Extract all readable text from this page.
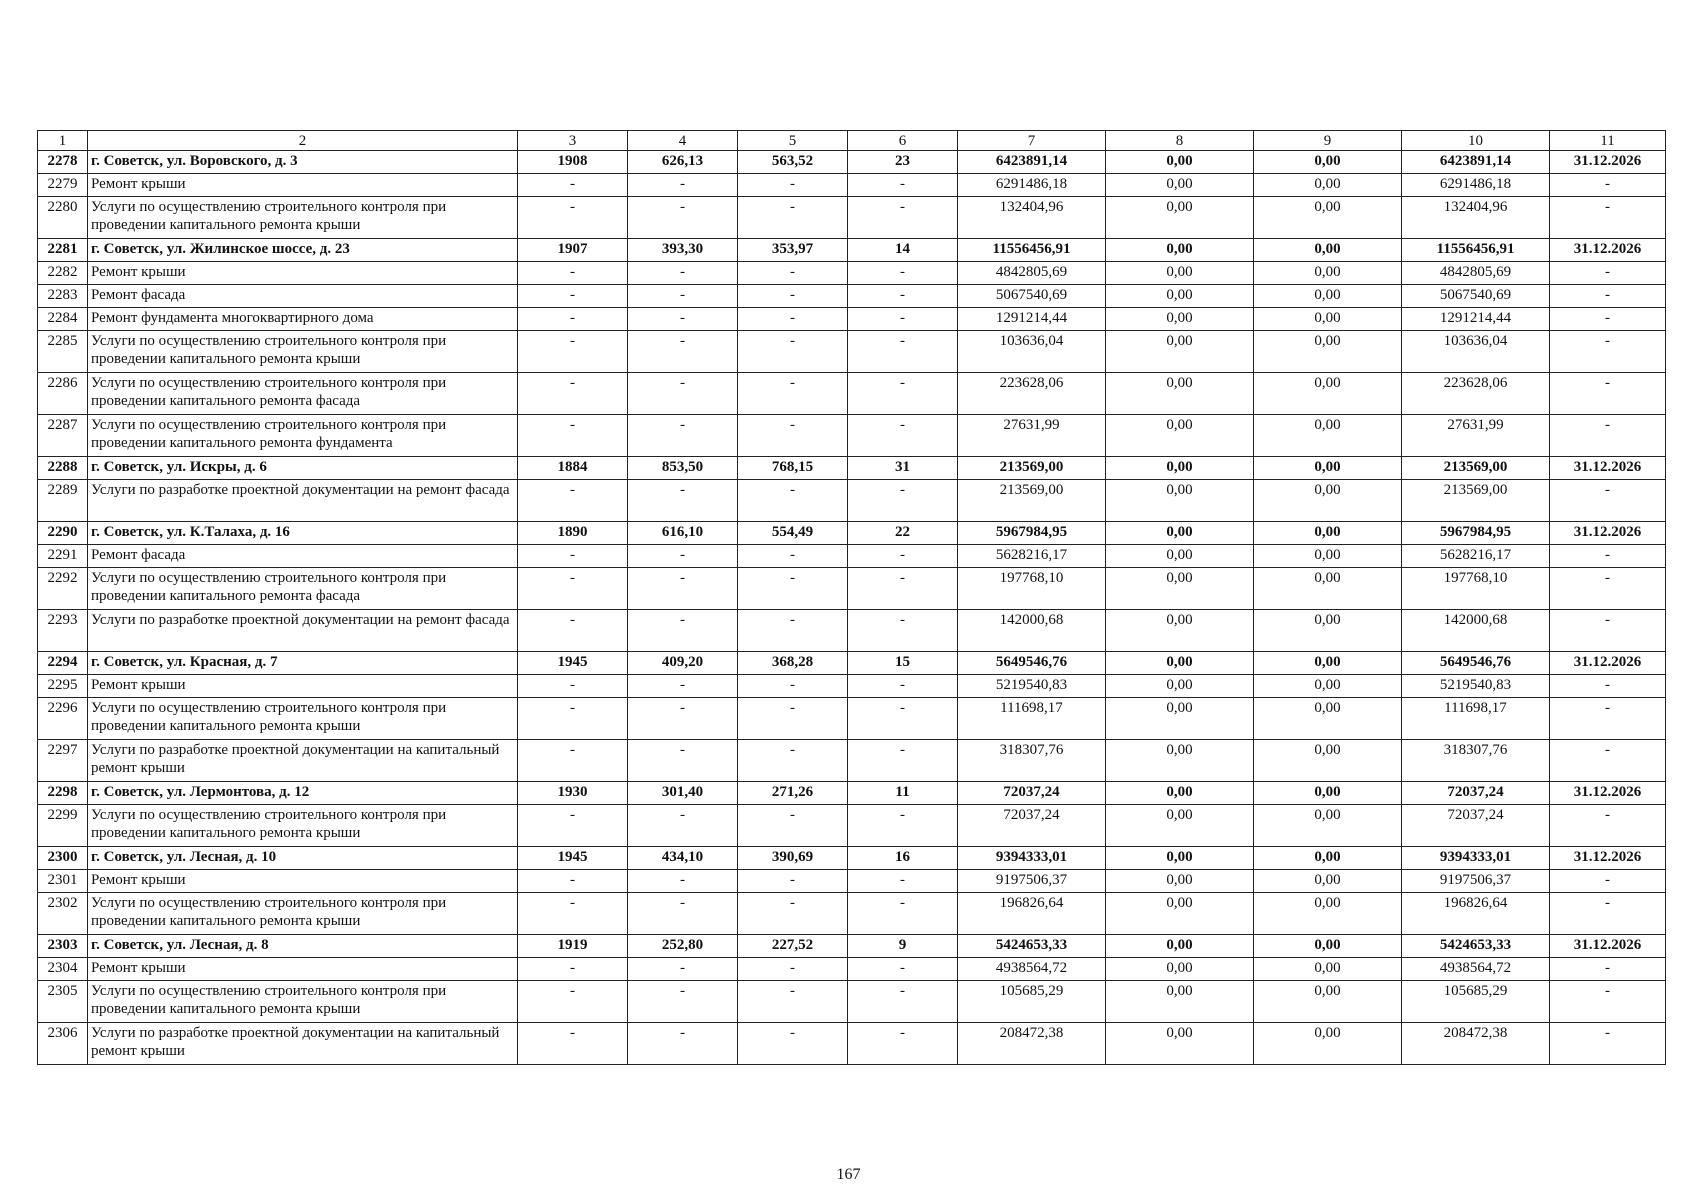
1	2	3	4	5	6	7	8	9	10	11
2278	г. Советск, ул. Воровского, д. 3	1908	626,13	563,52	23	6423891,14	0,00	0,00	6423891,14	31.12.2026
2279	Ремонт крыши	-	-	-	-	6291486,18	0,00	0,00	6291486,18	-
2280	Услуги по осуществлению строительного контроля при проведении капитального ремонта крыши	-	-	-	-	132404,96	0,00	0,00	132404,96	-
2281	г. Советск, ул. Жилинское шоссе, д. 23	1907	393,30	353,97	14	11556456,91	0,00	0,00	11556456,91	31.12.2026
2282	Ремонт крыши	-	-	-	-	4842805,69	0,00	0,00	4842805,69	-
2283	Ремонт фасада	-	-	-	-	5067540,69	0,00	0,00	5067540,69	-
2284	Ремонт фундамента многоквартирного дома	-	-	-	-	1291214,44	0,00	0,00	1291214,44	-
2285	Услуги по осуществлению строительного контроля при проведении капитального ремонта крыши	-	-	-	-	103636,04	0,00	0,00	103636,04	-
2286	Услуги по осуществлению строительного контроля при проведении капитального ремонта фасада	-	-	-	-	223628,06	0,00	0,00	223628,06	-
2287	Услуги по осуществлению строительного контроля при проведении капитального ремонта фундамента	-	-	-	-	27631,99	0,00	0,00	27631,99	-
2288	г. Советск, ул. Искры, д. 6	1884	853,50	768,15	31	213569,00	0,00	0,00	213569,00	31.12.2026
2289	Услуги по разработке проектной документации на ремонт фасада	-	-	-	-	213569,00	0,00	0,00	213569,00	-
2290	г. Советск, ул. К.Талаха, д. 16	1890	616,10	554,49	22	5967984,95	0,00	0,00	5967984,95	31.12.2026
2291	Ремонт фасада	-	-	-	-	5628216,17	0,00	0,00	5628216,17	-
2292	Услуги по осуществлению строительного контроля при проведении капитального ремонта фасада	-	-	-	-	197768,10	0,00	0,00	197768,10	-
2293	Услуги по разработке проектной документации на ремонт фасада	-	-	-	-	142000,68	0,00	0,00	142000,68	-
2294	г. Советск, ул. Красная, д. 7	1945	409,20	368,28	15	5649546,76	0,00	0,00	5649546,76	31.12.2026
2295	Ремонт крыши	-	-	-	-	5219540,83	0,00	0,00	5219540,83	-
2296	Услуги по осуществлению строительного контроля при проведении капитального ремонта крыши	-	-	-	-	111698,17	0,00	0,00	111698,17	-
2297	Услуги по разработке проектной документации на капитальный ремонт крыши	-	-	-	-	318307,76	0,00	0,00	318307,76	-
2298	г. Советск, ул. Лермонтова, д. 12	1930	301,40	271,26	11	72037,24	0,00	0,00	72037,24	31.12.2026
2299	Услуги по осуществлению строительного контроля при проведении капитального ремонта крыши	-	-	-	-	72037,24	0,00	0,00	72037,24	-
2300	г. Советск, ул. Лесная, д. 10	1945	434,10	390,69	16	9394333,01	0,00	0,00	9394333,01	31.12.2026
2301	Ремонт крыши	-	-	-	-	9197506,37	0,00	0,00	9197506,37	-
2302	Услуги по осуществлению строительного контроля при проведении капитального ремонта крыши	-	-	-	-	196826,64	0,00	0,00	196826,64	-
2303	г. Советск, ул. Лесная, д. 8	1919	252,80	227,52	9	5424653,33	0,00	0,00	5424653,33	31.12.2026
2304	Ремонт крыши	-	-	-	-	4938564,72	0,00	0,00	4938564,72	-
2305	Услуги по осуществлению строительного контроля при проведении капитального ремонта крыши	-	-	-	-	105685,29	0,00	0,00	105685,29	-
2306	Услуги по разработке проектной документации на капитальный ремонт крыши	-	-	-	-	208472,38	0,00	0,00	208472,38	-
167
